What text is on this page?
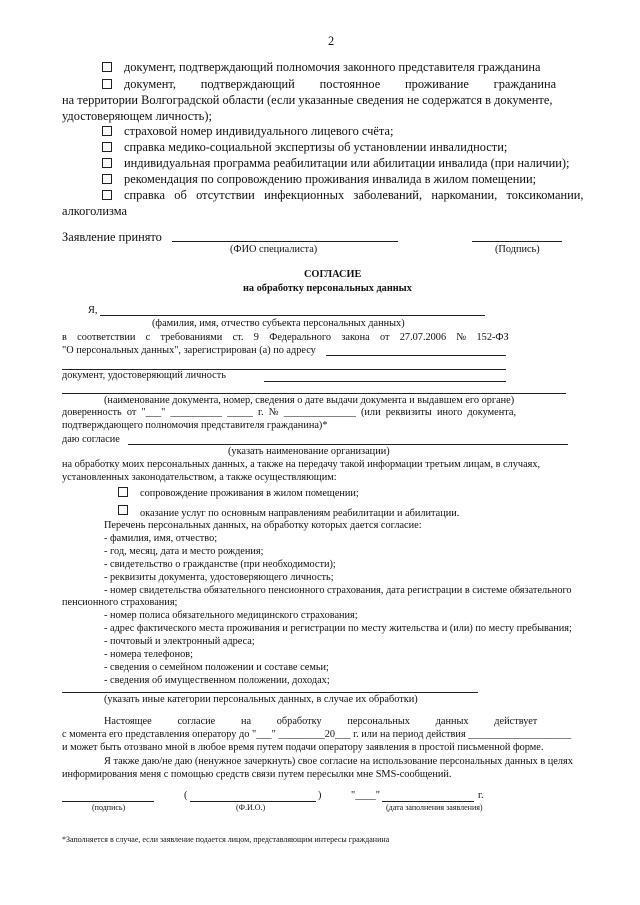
2
документ, подтверждающий полномочия законного представителя гражданина
документ,        подтверждающий        постоянное        проживание        гражданина
на территории Волгоградской области (если указанные сведения не содержатся в документе,
удостоверяющем личность);
страховой номер индивидуального лицевого счёта;
справка медико-социальной экспертизы об установлении инвалидности;
индивидуальная программа реабилитации или абилитации инвалида (при наличии);
рекомендация по сопровождению проживания инвалида в жилом помещении;
справка   об   отсутствии   инфекционных   заболеваний,   наркомании,   токсикомании,
алкоголизма
Заявление принято
(ФИО специалиста)	(Подпись)
СОГЛАСИЕ
на обработку персональных данных
Я,
(фамилия, имя, отчество субъекта персональных данных)
в    соответствии    с    требованиями    ст.    9    Федерального    закона    от    27.07.2006    №    152-ФЗ
"О персональных данных", зарегистрирован (а) по адресу
документ, удостоверяющий личность
(наименование документа, номер, сведения о дате выдачи документа и выдавшем его органе)
доверенность  от  "___"  __________  _____  г.  №  ______________  (или  реквизиты  иного  документа,
подтверждающего полномочия представителя гражданина)*
даю согласие
(указать наименование организации)
на обработку моих персональных данных, а также на передачу такой информации третьим лицам, в случаях,
установленных законодательством, а также осуществляющим:
сопровождение проживания в жилом помещении;
оказание услуг по основным направлениям реабилитации и абилитации.
Перечень персональных данных, на обработку которых дается согласие:
- фамилия, имя, отчество;
- год, месяц, дата и место рождения;
- свидетельство о гражданстве (при необходимости);
- реквизиты документа, удостоверяющего личность;
- номер свидетельства обязательного пенсионного страхования, дата регистрации в системе обязательного
пенсионного страхования;
- номер полиса обязательного медицинского страхования;
- адрес фактического места проживания и регистрации по месту жительства и (или) по месту пребывания;
- почтовый и электронный адреса;
- номера телефонов;
- сведения о семейном положении и составе семьи;
- сведения об имущественном положении, доходах;
(указать иные категории персональных данных, в случае их обработки)
Настоящее          согласие          на          обработку          персональных          данных          действует
с момента его представления оператору до "___" _________20___ г. или на период действия ____________________
и может быть отозвано мной в любое время путем подачи оператору заявления в простой письменной форме.
Я также даю/не даю (ненужное зачеркнуть) свое согласие на использование персональных данных в целях
информирования меня с помощью средств связи путем пересылки мне SMS-сообщений.
(подпись)
(	)
(Ф.И.О.)
"____"	г.
(дата заполнения заявления)
*Заполняется в случае, если заявление подается лицом, представляющим интересы гражданина
